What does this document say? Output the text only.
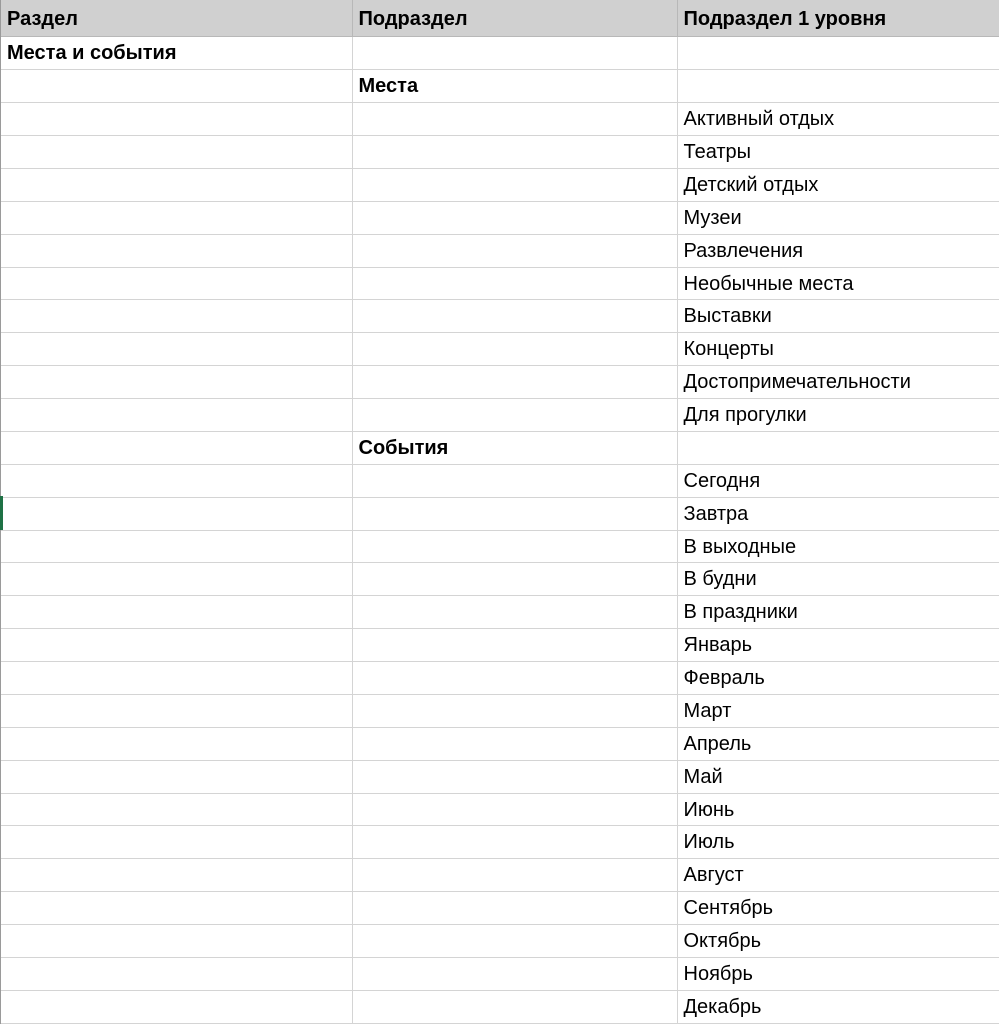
Раздел	Подраздел	Подраздел 1 уровня
Места и события		
	Места	
		Активный отдых
		Театры
		Детский отдых
		Музеи
		Развлечения
		Необычные места
		Выставки
		Концерты
		Достопримечательности
		Для прогулки
	События	
		Сегодня
		Завтра
		В выходные
		В будни
		В праздники
		Январь
		Февраль
		Март
		Апрель
		Май
		Июнь
		Июль
		Август
		Сентябрь
		Октябрь
		Ноябрь
		Декабрь
